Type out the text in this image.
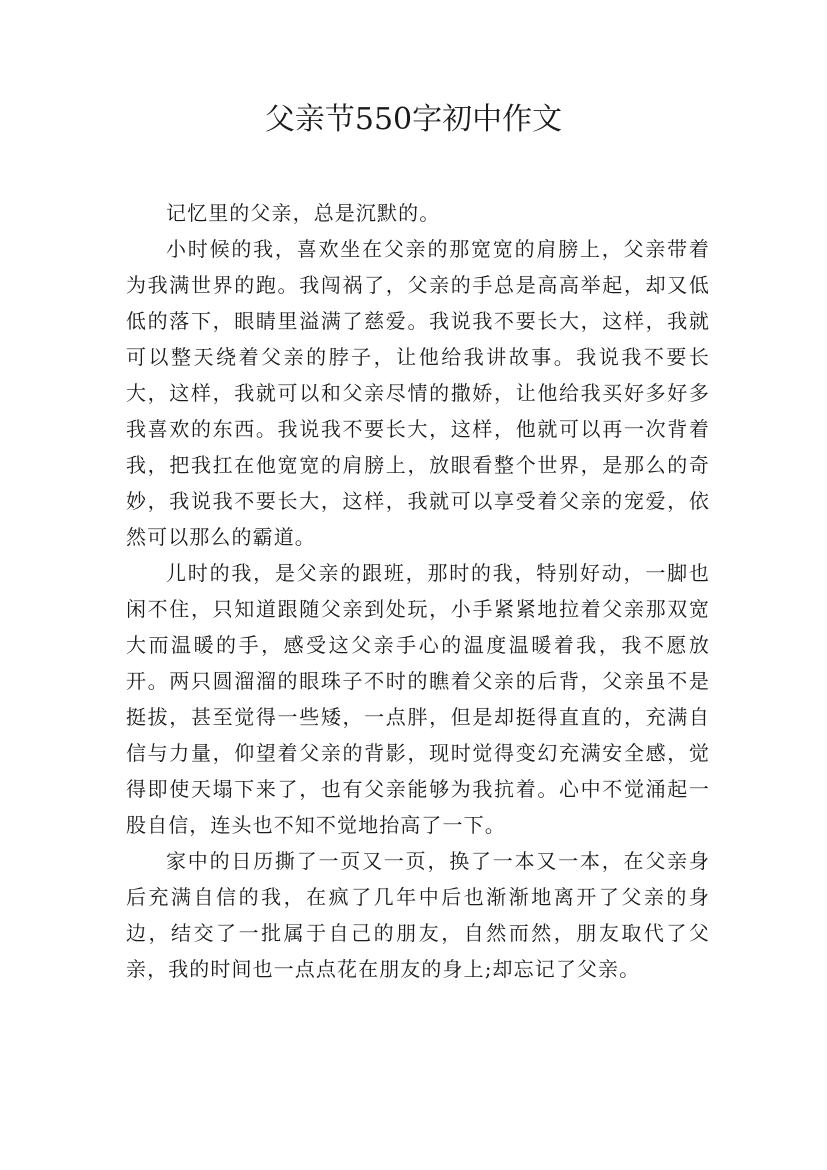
父亲节550字初中作文

记忆里的父亲，总是沉默的。

小时候的我，喜欢坐在父亲的那宽宽的肩膀上，父亲带着为我满世界的跑。我闯祸了，父亲的手总是高高举起，却又低低的落下，眼睛里溢满了慈爱。我说我不要长大，这样，我就可以整天绕着父亲的脖子，让他给我讲故事。我说我不要长大，这样，我就可以和父亲尽情的撒娇，让他给我买好多好多我喜欢的东西。我说我不要长大，这样，他就可以再一次背着我，把我扛在他宽宽的肩膀上，放眼看整个世界，是那么的奇妙，我说我不要长大，这样，我就可以享受着父亲的宠爱，依然可以那么的霸道。

儿时的我，是父亲的跟班，那时的我，特别好动，一脚也闲不住，只知道跟随父亲到处玩，小手紧紧地拉着父亲那双宽大而温暖的手，感受这父亲手心的温度温暖着我，我不愿放开。两只圆溜溜的眼珠子不时的瞧着父亲的后背，父亲虽不是挺拔，甚至觉得一些矮，一点胖，但是却挺得直直的，充满自信与力量，仰望着父亲的背影，现时觉得变幻充满安全感，觉得即使天塌下来了，也有父亲能够为我抗着。心中不觉涌起一股自信，连头也不知不觉地抬高了一下。

家中的日历撕了一页又一页，换了一本又一本，在父亲身后充满自信的我，在疯了几年中后也渐渐地离开了父亲的身边，结交了一批属于自己的朋友，自然而然，朋友取代了父亲，我的时间也一点点花在朋友的身上;却忘记了父亲。
